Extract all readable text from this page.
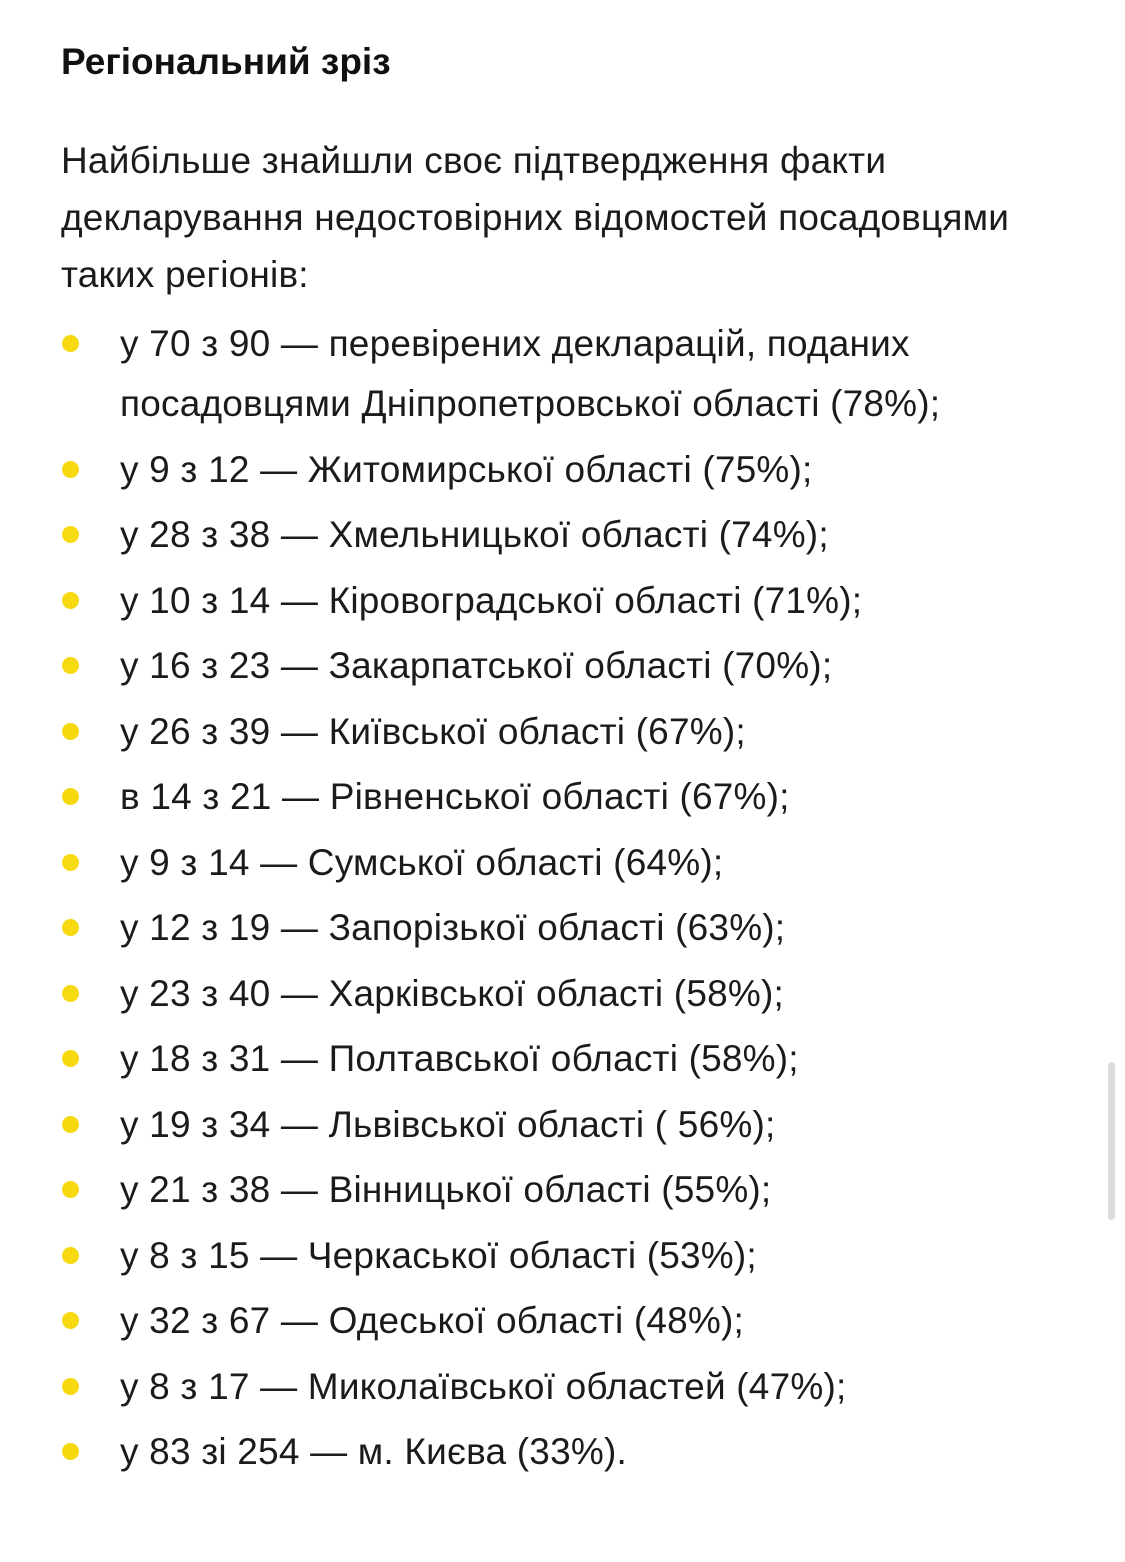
Регіональний зріз

Найбільше знайшли своє підтвердження факти декларування недостовірних відомостей посадовцями таких регіонів:

у 70 з 90 — перевірених декларацій, поданих посадовцями Дніпропетровської області (78%);
у 9 з 12 — Житомирської області (75%);
у 28 з 38 — Хмельницької області (74%);
у 10 з 14 — Кіровоградської області (71%);
у 16 з 23 — Закарпатської області (70%);
у 26 з 39 — Київської області (67%);
в 14 з 21 — Рівненської області (67%);
у 9 з 14 — Сумської області (64%);
у 12 з 19 — Запорізької області (63%);
у 23 з 40 — Харківської області (58%);
у 18 з 31 — Полтавської області (58%);
у 19 з 34 — Львівської області ( 56%);
у 21 з 38 — Вінницької області (55%);
у 8 з 15 — Черкаської області (53%);
у 32 з 67 — Одеської області (48%);
у 8 з 17 — Миколаївської областей (47%);
у 83 зі 254 — м. Києва (33%).
